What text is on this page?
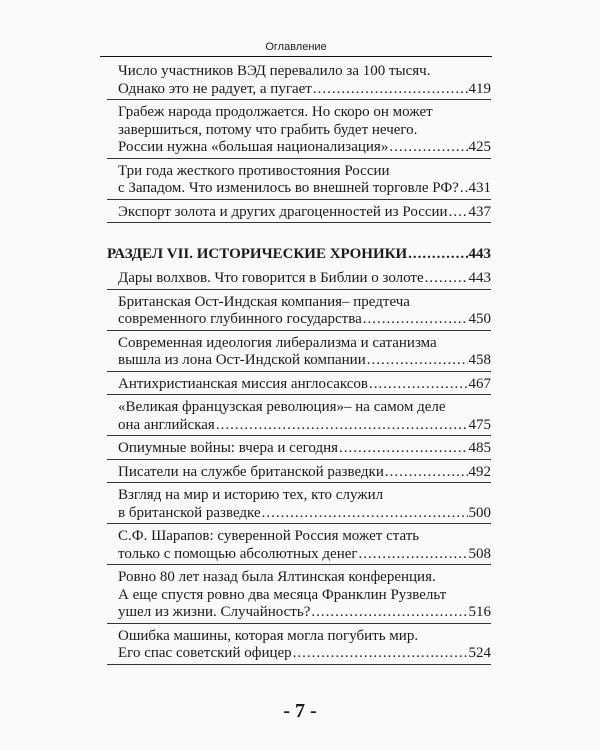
Оглавление
Число участников ВЭД перевалило за 100 тысяч.
Однако это не радует, а пугает .....	419
Грабеж народа продолжается. Но скоро он может
завершиться, потому что грабить будет нечего.
России нужна «большая национализация» .....	425
Три года жесткого противостояния России
с Западом. Что изменилось во внешней торговле РФ? ..... 431
Экспорт золота и других драгоценностей из России ..... 437
РАЗДЕЛ VII. ИСТОРИЧЕСКИЕ ХРОНИКИ .....	443
Дары волхвов. Что говорится в Библии о золоте .....	443
Британская Ост-Индская компания– предтеча
современного глубинного государства .....	450
Современная идеология либерализма и сатанизма
вышла из лона Ост-Индской компании .....	458
Антихристианская миссия англосаксов .....	467
«Великая французская революция»– на самом деле
она английская .....	475
Опиумные войны: вчера и сегодня .....	485
Писатели на службе британской разведки .....	492
Взгляд на мир и историю тех, кто служил
в британской разведке .....	500
С.Ф. Шарапов: суверенной Россия может стать
только с помощью абсолютных денег .....	508
Ровно 80 лет назад была Ялтинская конференция.
А еще спустя ровно два месяца Франклин Рузвельт
ушел из жизни. Случайность? .....	516
Ошибка машины, которая могла погубить мир.
Его спас советский офицер .....	524
- 7 -
